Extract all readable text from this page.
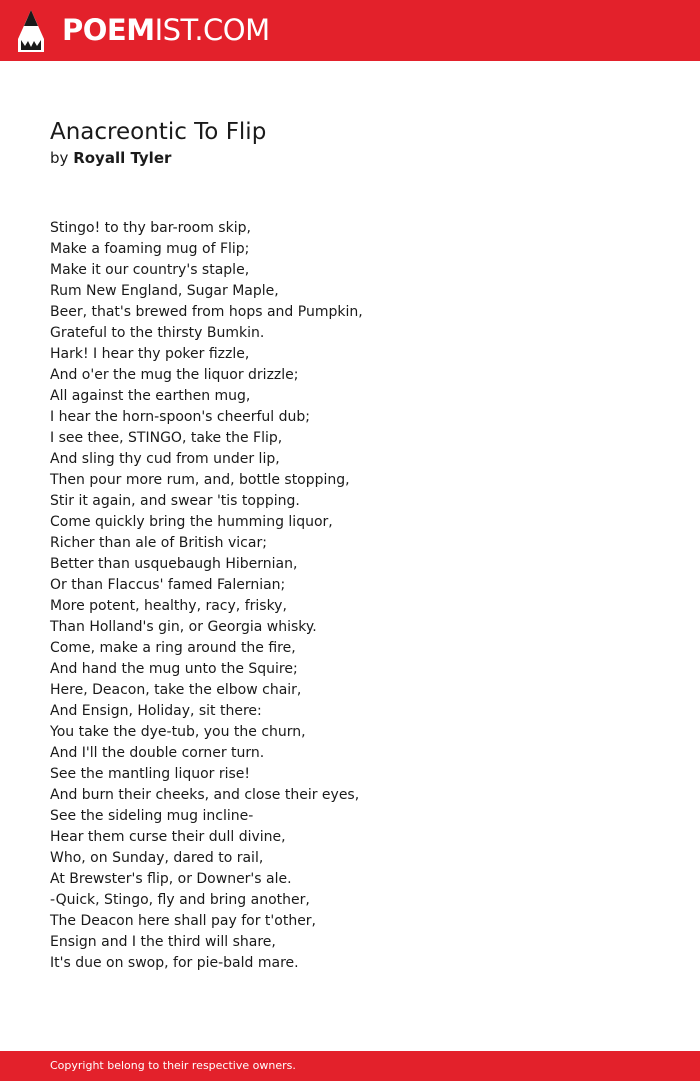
POEMIST.COM
Anacreontic To Flip
by Royall Tyler
Stingo! to thy bar-room skip,
Make a foaming mug of Flip;
Make it our country's staple,
Rum New England, Sugar Maple,
Beer, that's brewed from hops and Pumpkin,
Grateful to the thirsty Bumkin.
Hark! I hear thy poker fizzle,
And o'er the mug the liquor drizzle;
All against the earthen mug,
I hear the horn-spoon's cheerful dub;
I see thee, STINGO, take the Flip,
And sling thy cud from under lip,
Then pour more rum, and, bottle stopping,
Stir it again, and swear 'tis topping.
Come quickly bring the humming liquor,
Richer than ale of British vicar;
Better than usquebaugh Hibernian,
Or than Flaccus' famed Falernian;
More potent, healthy, racy, frisky,
Than Holland's gin, or Georgia whisky.
Come, make a ring around the fire,
And hand the mug unto the Squire;
Here, Deacon, take the elbow chair,
And Ensign, Holiday, sit there:
You take the dye-tub, you the churn,
And I'll the double corner turn.
See the mantling liquor rise!
And burn their cheeks, and close their eyes,
See the sideling mug incline-
Hear them curse their dull divine,
Who, on Sunday, dared to rail,
At Brewster's flip, or Downer's ale.
-Quick, Stingo, fly and bring another,
The Deacon here shall pay for t'other,
Ensign and I the third will share,
It's due on swop, for pie-bald mare.
Copyright belong to their respective owners.
